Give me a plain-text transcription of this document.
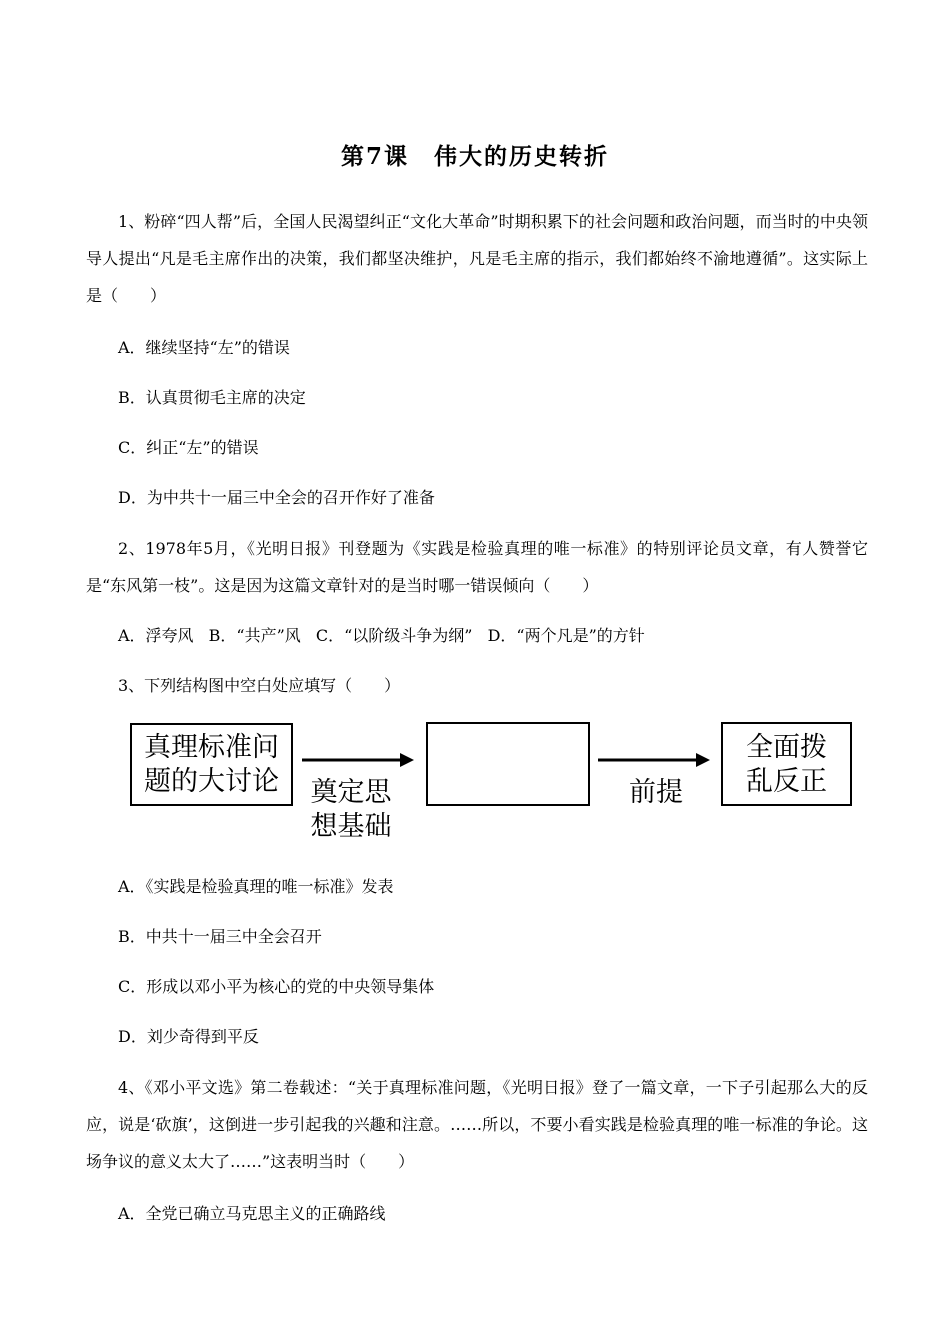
第7课　伟大的历史转折
1、粉碎“四人帮”后，全国人民渴望纠正“文化大革命”时期积累下的社会问题和政治问题，而当时的中央领导人提出“凡是毛主席作出的决策，我们都坚决维护，凡是毛主席的指示，我们都始终不渝地遵循”。这实际上是（　　）
A．继续坚持“左”的错误
B．认真贯彻毛主席的决定
C．纠正“左”的错误
D．为中共十一届三中全会的召开作好了准备
2、1978年5月，《光明日报》刊登题为《实践是检验真理的唯一标准》的特别评论员文章，有人赞誉它是“东风第一枝”。这是因为这篇文章针对的是当时哪一错误倾向（　　）
A．浮夸风 B．“共产”风 C．“以阶级斗争为纲” D．“两个凡是”的方针
3、下列结构图中空白处应填写（　　）
真理标准问
题的大讨论	奠定思
想基础
前提
全面拨
乱反正
A．《实践是检验真理的唯一标准》发表
B．中共十一届三中全会召开
C．形成以邓小平为核心的党的中央领导集体
D．刘少奇得到平反
4、《邓小平文选》第二卷载述：“关于真理标准问题，《光明日报》登了一篇文章，一下子引起那么大的反应，说是‘砍旗’，这倒进一步引起我的兴趣和注意。……所以，不要小看实践是检验真理的唯一标准的争论。这场争议的意义太大了……”这表明当时（　　）
A．全党已确立马克思主义的正确路线
